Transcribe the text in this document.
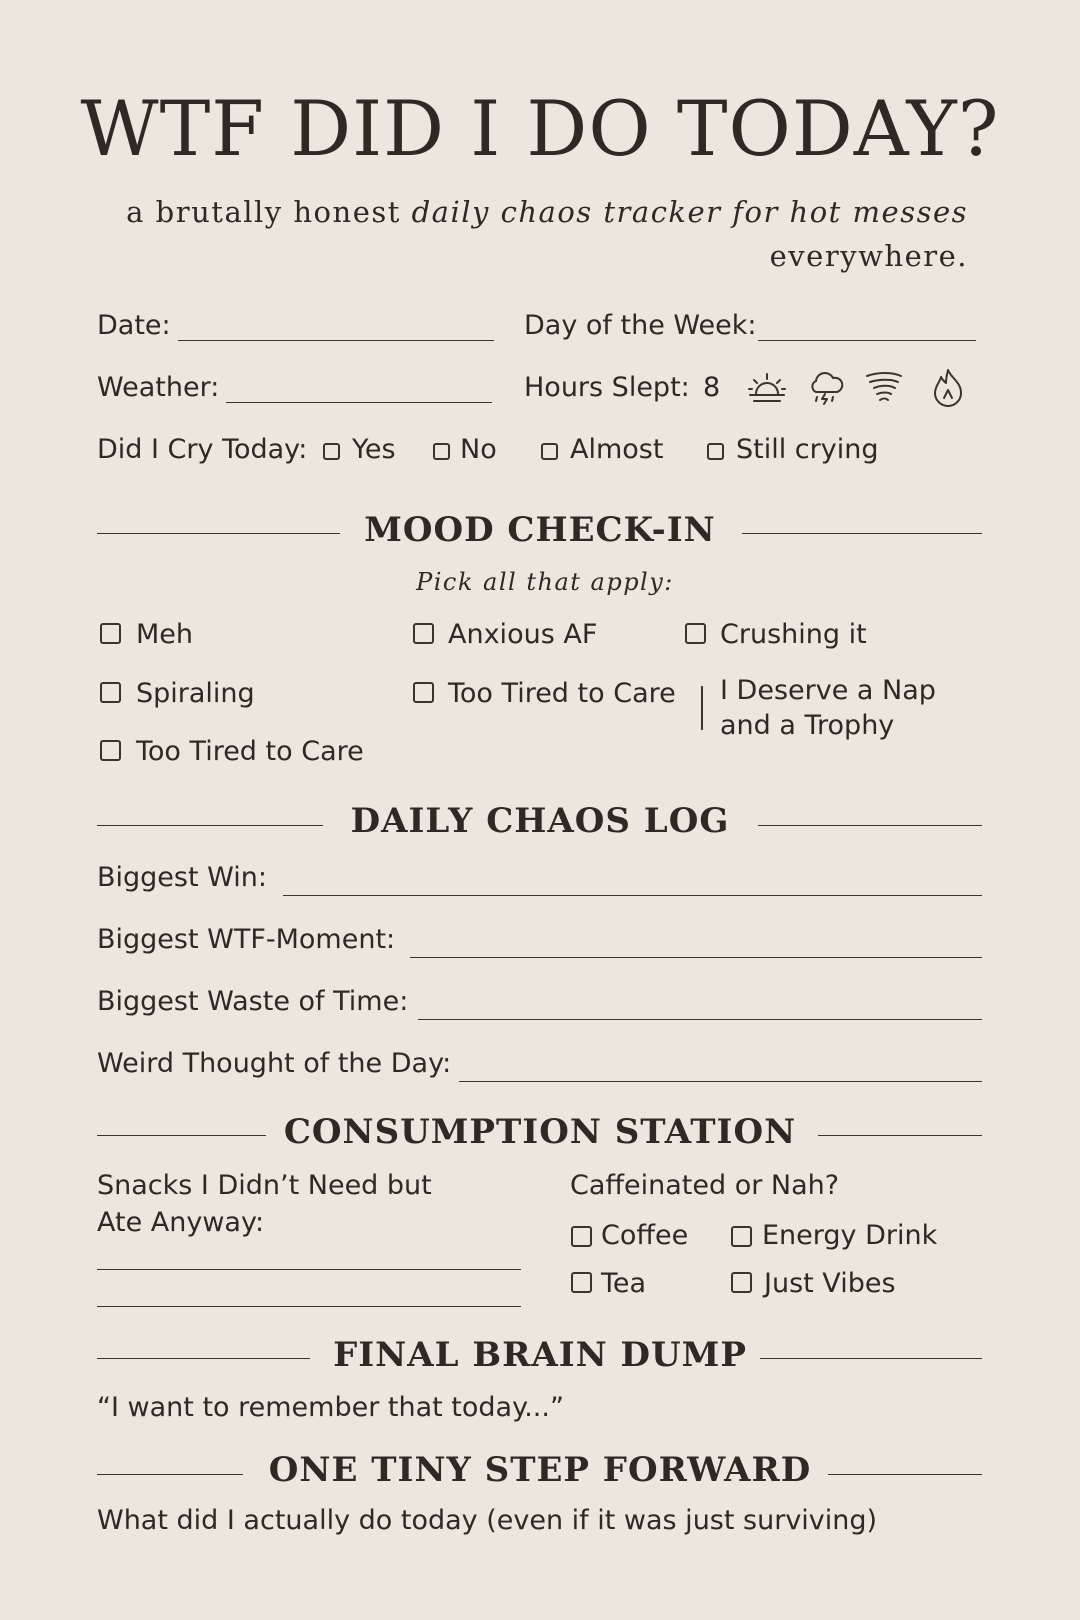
WTF DID I DO TODAY?
a brutally honest daily chaos tracker for hot messes
everywhere.
Date:	Day of the Week:
Weather:	Hours Slept: 8
Did I Cry Today: Yes No	Almost	Still crying
MOOD CHECK-IN
Pick all that apply:
Meh
Spiraling
Too Tired to Care
Anxious AF
Too Tired to Care
Crushing it
I Deserve a Nap
and a Trophy
DAILY CHAOS LOG
Biggest Win:
Biggest WTF-Moment:
Biggest Waste of Time:
Weird Thought of the Day:
CONSUMPTION STATION
Snacks I Didn’t Need but
Ate Anyway:
Caffeinated or Nah?
Coffee	Energy Drink
Tea	Just Vibes
FINAL BRAIN DUMP
“I want to remember that today...”
ONE TINY STEP FORWARD
What did I actually do today (even if it was just surviving)
